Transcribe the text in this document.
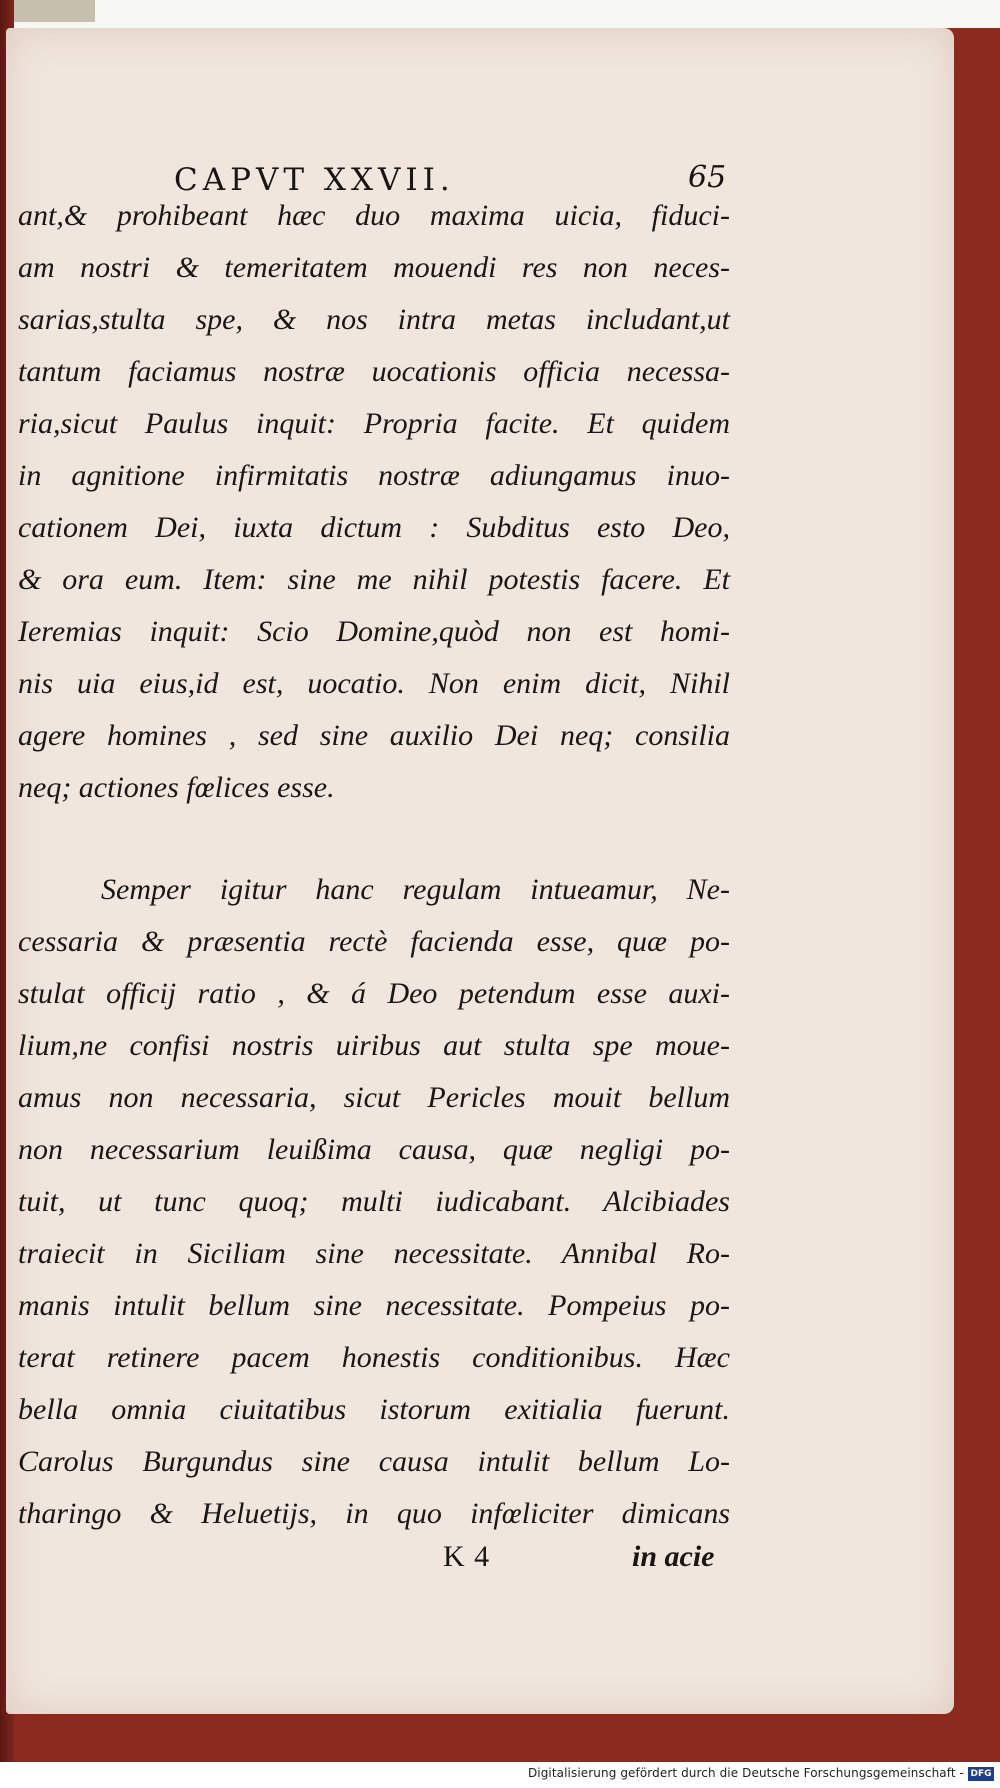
CAPVT XXVII.	65
ant,& prohibeant hæc duo maxima uicia, fiduci-
am nostri & temeritatem mouendi res non neces-
sarias,stulta spe, & nos intra metas includant,ut
tantum faciamus nostræ uocationis officia necessa-
ria,sicut Paulus inquit: Propria facite. Et quidem
in agnitione infirmitatis nostræ adiungamus inuo-
cationem Dei, iuxta dictum : Subditus esto Deo,
& ora eum. Item: sine me nihil potestis facere. Et
Ieremias inquit: Scio Domine,quòd non est homi-
nis uia eius,id est, uocatio. Non enim dicit, Nihil
agere homines , sed sine auxilio Dei neq; consilia
neq; actiones fœlices esse.
Semper igitur hanc regulam intueamur, Ne-
cessaria & præsentia rectè facienda esse, quæ po-
stulat officij ratio , & á Deo petendum esse auxi-
lium,ne confisi nostris uiribus aut stulta spe moue-
amus non necessaria, sicut Pericles mouit bellum
non necessarium leuißima causa, quæ negligi po-
tuit, ut tunc quoq; multi iudicabant. Alcibiades
traiecit in Siciliam sine necessitate. Annibal Ro-
manis intulit bellum sine necessitate. Pompeius po-
terat retinere pacem honestis conditionibus. Hæc
bella omnia ciuitatibus istorum exitialia fuerunt.
Carolus Burgundus sine causa intulit bellum Lo-
tharingo & Heluetijs, in quo infœliciter dimicans
K 4	in acie
Digitalisierung gefördert durch die Deutsche Forschungsgemeinschaft - DFG
